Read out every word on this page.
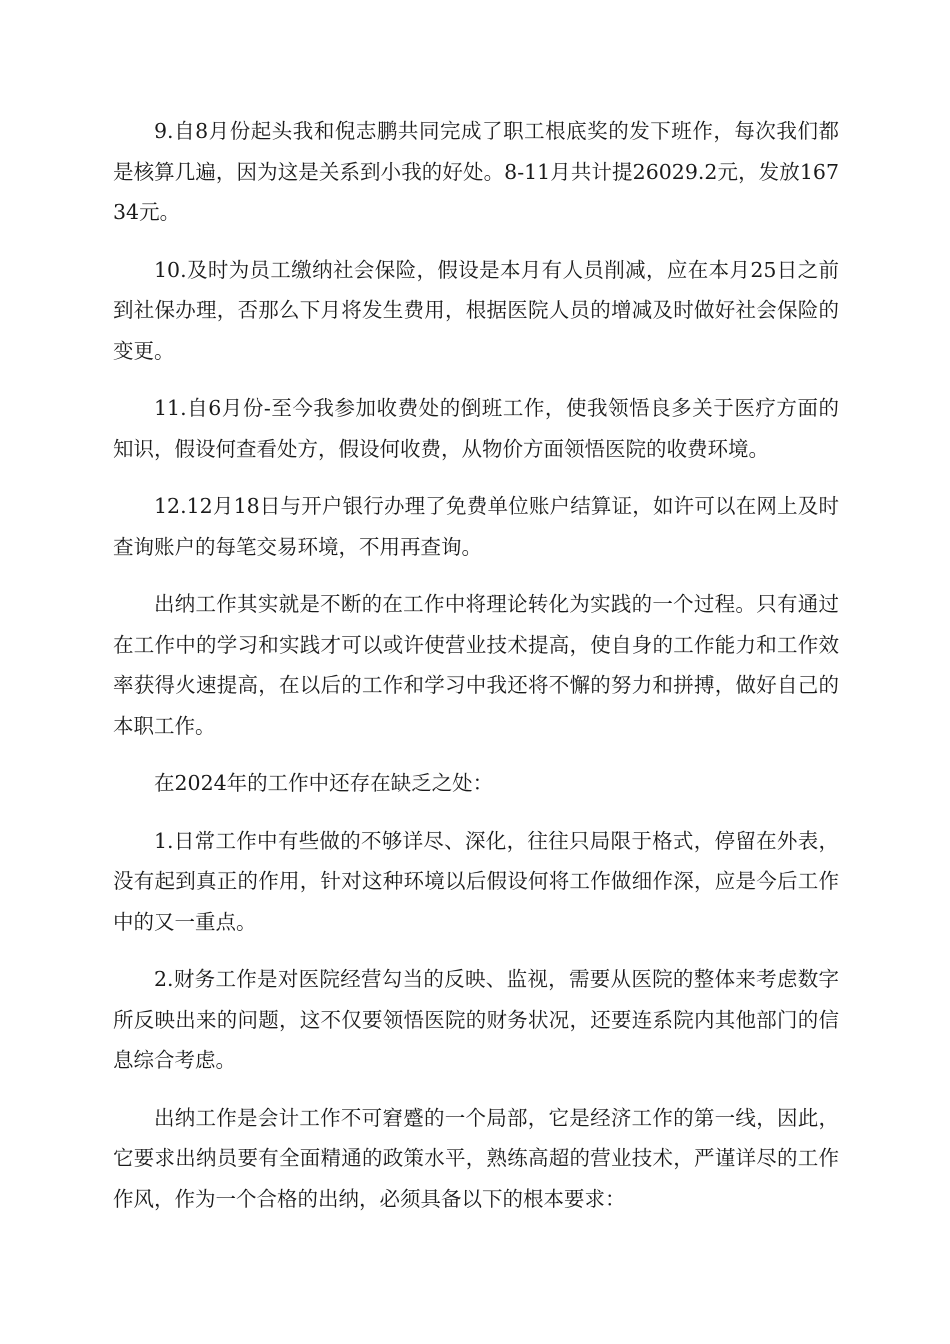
9.自8月份起头我和倪志鹏共同完成了职工根底奖的发下班作，每次我们都是核算几遍，因为这是关系到小我的好处。8-11月共计提26029.2元，发放16734元。

10.及时为员工缴纳社会保险，假设是本月有人员削减，应在本月25日之前到社保办理，否那么下月将发生费用，根据医院人员的增减及时做好社会保险的变更。

11.自6月份-至今我参加收费处的倒班工作，使我领悟良多关于医疗方面的知识，假设何查看处方，假设何收费，从物价方面领悟医院的收费环境。

12.12月18日与开户银行办理了免费单位账户结算证，如许可以在网上及时查询账户的每笔交易环境，不用再查询。

出纳工作其实就是不断的在工作中将理论转化为实践的一个过程。只有通过在工作中的学习和实践才可以或许使营业技术提高，使自身的工作能力和工作效率获得火速提高，在以后的工作和学习中我还将不懈的努力和拼搏，做好自己的本职工作。

在2024年的工作中还存在缺乏之处：

1.日常工作中有些做的不够详尽、深化，往往只局限于格式，停留在外表，没有起到真正的作用，针对这种环境以后假设何将工作做细作深，应是今后工作中的又一重点。

2.财务工作是对医院经营勾当的反映、监视，需要从医院的整体来考虑数字所反映出来的问题，这不仅要领悟医院的财务状况，还要连系院内其他部门的信息综合考虑。

出纳工作是会计工作不可窘蹙的一个局部，它是经济工作的第一线，因此，它要求出纳员要有全面精通的政策水平，熟练高超的营业技术，严谨详尽的工作作风，作为一个合格的出纳，必须具备以下的根本要求：
